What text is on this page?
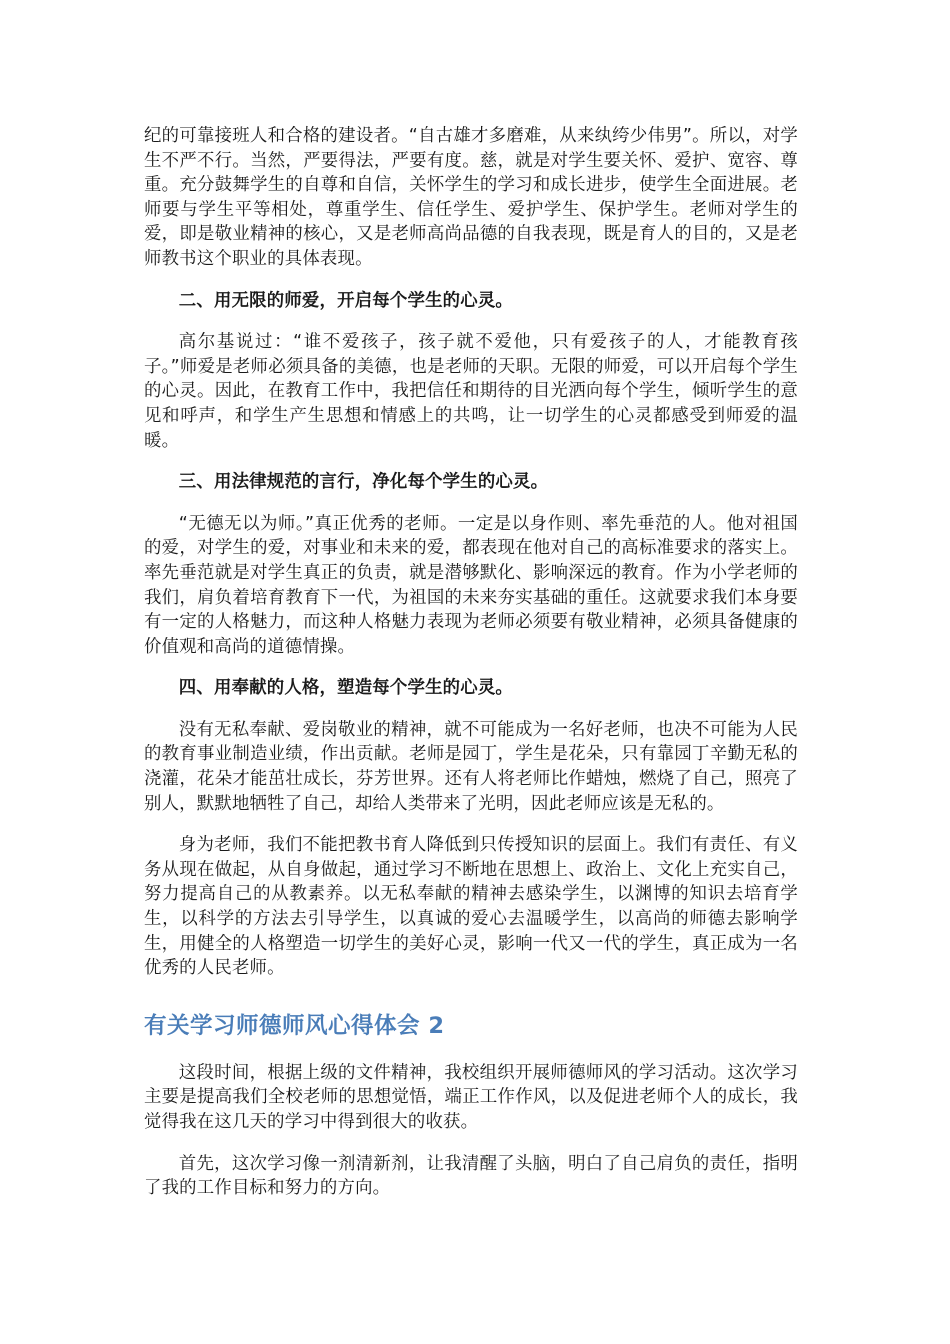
纪的可靠接班人和合格的建设者。“自古雄才多磨难，从来纨绔少伟男”。所以，对学生不严不行。当然，严要得法，严要有度。慈，就是对学生要关怀、爱护、宽容、尊重。充分鼓舞学生的自尊和自信，关怀学生的学习和成长进步，使学生全面进展。老师要与学生平等相处，尊重学生、信任学生、爱护学生、保护学生。老师对学生的爱，即是敬业精神的核心，又是老师高尚品德的自我表现，既是育人的目的，又是老师教书这个职业的具体表现。

二、用无限的师爱，开启每个学生的心灵。

高尔基说过：“谁不爱孩子，孩子就不爱他，只有爱孩子的人，才能教育孩子。”师爱是老师必须具备的美德，也是老师的天职。无限的师爱，可以开启每个学生的心灵。因此，在教育工作中，我把信任和期待的目光洒向每个学生，倾听学生的意见和呼声，和学生产生思想和情感上的共鸣，让一切学生的心灵都感受到师爱的温暖。

三、用法律规范的言行，净化每个学生的心灵。

“无德无以为师。”真正优秀的老师。一定是以身作则、率先垂范的人。他对祖国的爱，对学生的爱，对事业和未来的爱，都表现在他对自己的高标准要求的落实上。率先垂范就是对学生真正的负责，就是潜够默化、影响深远的教育。作为小学老师的我们，肩负着培育教育下一代，为祖国的未来夯实基础的重任。这就要求我们本身要有一定的人格魅力，而这种人格魅力表现为老师必须要有敬业精神，必须具备健康的价值观和高尚的道德情操。

四、用奉献的人格，塑造每个学生的心灵。

没有无私奉献、爱岗敬业的精神，就不可能成为一名好老师，也决不可能为人民的教育事业制造业绩，作出贡献。老师是园丁，学生是花朵，只有靠园丁辛勤无私的浇灌，花朵才能茁壮成长，芬芳世界。还有人将老师比作蜡烛，燃烧了自己，照亮了别人，默默地牺牲了自己，却给人类带来了光明，因此老师应该是无私的。

身为老师，我们不能把教书育人降低到只传授知识的层面上。我们有责任、有义务从现在做起，从自身做起，通过学习不断地在思想上、政治上、文化上充实自己，努力提高自己的从教素养。以无私奉献的精神去感染学生，以渊博的知识去培育学生，以科学的方法去引导学生，以真诚的爱心去温暖学生，以高尚的师德去影响学生，用健全的人格塑造一切学生的美好心灵，影响一代又一代的学生，真正成为一名优秀的人民老师。

有关学习师德师风心得体会 2

这段时间，根据上级的文件精神，我校组织开展师德师风的学习活动。这次学习主要是提高我们全校老师的思想觉悟，端正工作作风，以及促进老师个人的成长，我觉得我在这几天的学习中得到很大的收获。

首先，这次学习像一剂清新剂，让我清醒了头脑，明白了自己肩负的责任，指明了我的工作目标和努力的方向。
